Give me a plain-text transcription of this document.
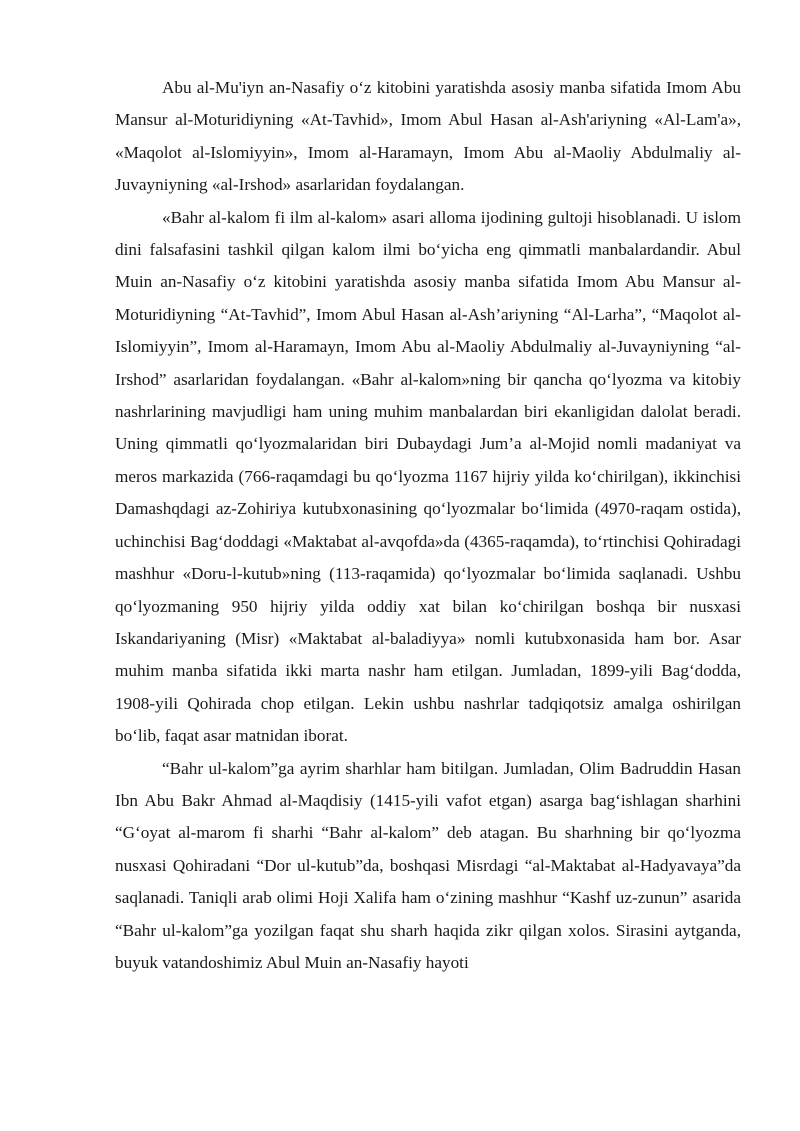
Abu al-Mu'iyn an-Nasafiy o‘z kitobini yaratishda asosiy manba sifatida Imom Abu Mansur al-Moturidiyning «At-Tavhid», Imom Abul Hasan al-Ash'ariyning «Al-Lam'a», «Maqolot al-Islomiyyin», Imom al-Haramayn, Imom Abu al-Maoliy Abdulmaliy al-Juvayniyning «al-Irshod» asarlaridan foydalangan.

«Bahr al-kalom fi ilm al-kalom» asari alloma ijodining gultoji hisoblanadi. U islom dini falsafasini tashkil qilgan kalom ilmi bo‘yicha eng qimmatli manbalardandir. Abul Muin an-Nasafiy o‘z kitobini yaratishda asosiy manba sifatida Imom Abu Mansur al-Moturidiyning “At-Tavhid”, Imom Abul Hasan al-Ash’ariyning “Al-Larha”, “Maqolot al-Islomiyyin”, Imom al-Haramayn, Imom Abu al-Maoliy Abdulmaliy al-Juvayniyning “al-Irshod” asarlaridan foydalangan. «Bahr al-kalom»ning bir qancha qo‘lyozma va kitobiy nashrlarining mavjudligi ham uning muhim manbalardan biri ekanligidan dalolat beradi. Uning qimmatli qo‘lyozmalaridan biri Dubaydagi Jum’a al-Mojid nomli madaniyat va meros markazida (766-raqamdagi bu qo‘lyozma 1167 hijriy yilda ko‘chirilgan), ikkinchisi Damashqdagi az-Zohiriya kutubxonasining qo‘lyozmalar bo‘limida (4970-raqam ostida), uchinchisi Bag‘doddagi «Maktabat al-avqofda»da (4365-raqamda), to‘rtinchisi Qohiradagi mashhur «Doru-l-kutub»ning (113-raqamida) qo‘lyozmalar bo‘limida saqlanadi. Ushbu qo‘lyozmaning 950 hijriy yilda oddiy xat bilan ko‘chirilgan boshqa bir nusxasi Iskandariyaning (Misr) «Maktabat al-baladiyya» nomli kutubxonasida ham bor. Asar muhim manba sifatida ikki marta nashr ham etilgan. Jumladan, 1899-yili Bag‘dodda, 1908-yili Qohirada chop etilgan. Lekin ushbu nashrlar tadqiqotsiz amalga oshirilgan bo‘lib, faqat asar matnidan iborat.

“Bahr ul-kalom”ga ayrim sharhlar ham bitilgan. Jumladan, Olim Badruddin Hasan Ibn Abu Bakr Ahmad al-Maqdisiy (1415-yili vafot etgan) asarga bag‘ishlagan sharhini “G‘oyat al-marom fi sharhi “Bahr al-kalom” deb atagan. Bu sharhning bir qo‘lyozma nusxasi Qohiradani “Dor ul-kutub”da, boshqasi Misrdagi “al-Maktabat al-Hadyavaya”da saqlanadi. Taniqli arab olimi Hoji Xalifa ham o‘zining mashhur “Kashf uz-zunun” asarida “Bahr ul-kalom”ga yozilgan faqat shu sharh haqida zikr qilgan xolos. Sirasini aytganda, buyuk vatandoshimiz Abul Muin an-Nasafiy hayoti
